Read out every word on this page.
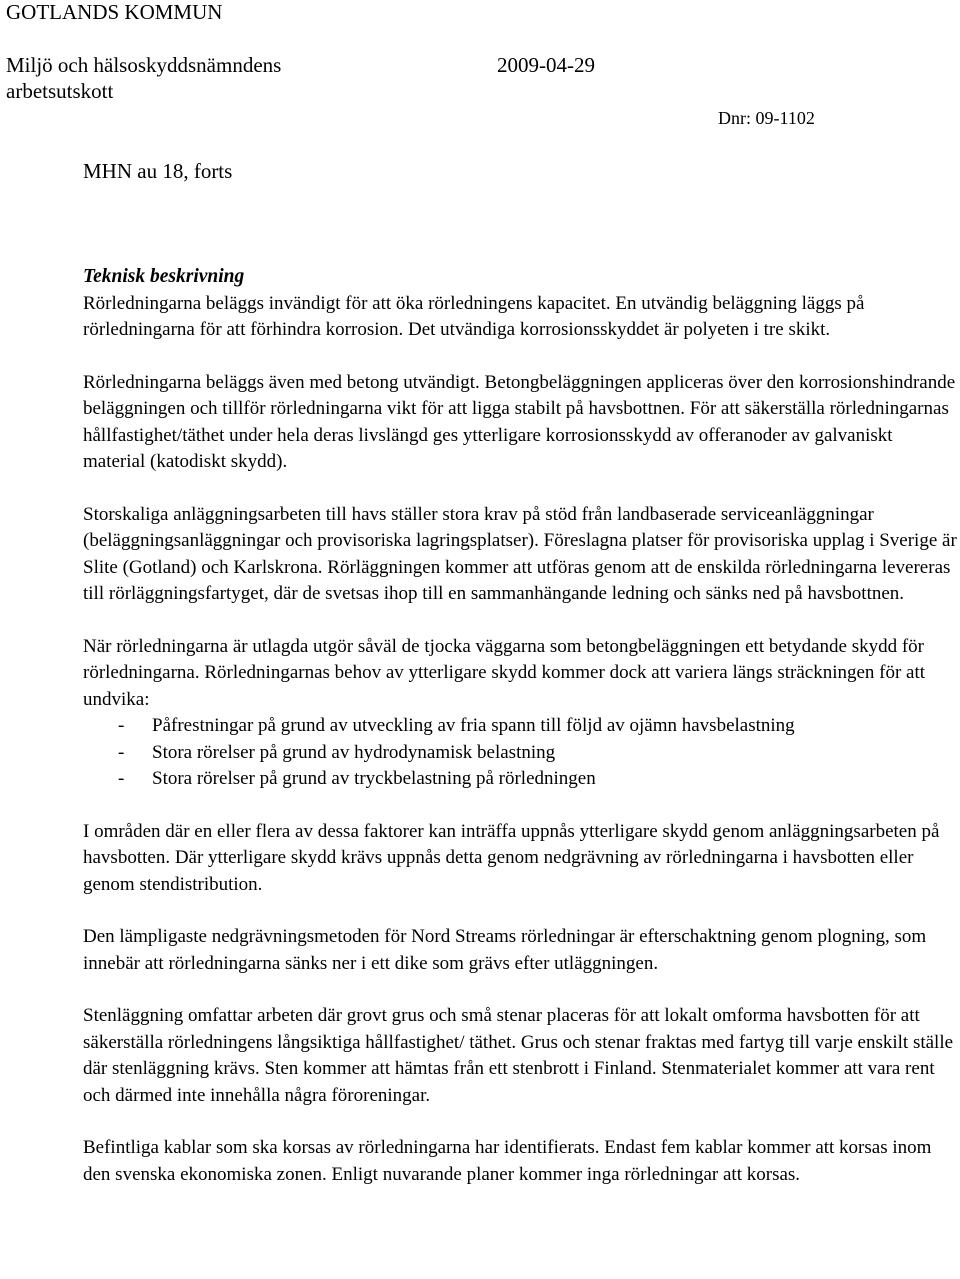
GOTLANDS KOMMUN
Miljö och hälsoskyddsnämndens arbetsutskott
2009-04-29
Dnr: 09-1102
MHN au 18, forts
Teknisk beskrivning

Rörledningarna beläggs invändigt för att öka rörledningens kapacitet. En utvändig beläggning läggs på rörledningarna för att förhindra korrosion. Det utvändiga korrosionsskyddet är polyeten i tre skikt.

Rörledningarna beläggs även med betong utvändigt. Betongbeläggningen appliceras över den korrosionshindrande beläggningen och tillför rörledningarna vikt för att ligga stabilt på havsbottnen. För att säkerställa rörledningarnas hållfastighet/täthet under hela deras livslängd ges ytterligare korrosionsskydd av offeranoder av galvaniskt material (katodiskt skydd).

Storskaliga anläggningsarbeten till havs ställer stora krav på stöd från landbaserade serviceanläggningar (beläggningsanläggningar och provisoriska lagringsplatser). Föreslagna platser för provisoriska upplag i Sverige är Slite (Gotland) och Karlskrona. Rörläggningen kommer att utföras genom att de enskilda rörledningarna levereras till rörläggningsfartyget, där de svetsas ihop till en sammanhängande ledning och sänks ned på havsbottnen.

När rörledningarna är utlagda utgör såväl de tjocka väggarna som betongbeläggningen ett betydande skydd för rörledningarna. Rörledningarnas behov av ytterligare skydd kommer dock att variera längs sträckningen för att undvika:

- Påfrestningar på grund av utveckling av fria spann till följd av ojämn havsbelastning
- Stora rörelser på grund av hydrodynamisk belastning
- Stora rörelser på grund av tryckbelastning på rörledningen

I områden där en eller flera av dessa faktorer kan inträffa uppnås ytterligare skydd genom anläggningsarbeten på havsbotten. Där ytterligare skydd krävs uppnås detta genom nedgrävning av rörledningarna i havsbotten eller genom stendistribution.

Den lämpligaste nedgrävningsmetoden för Nord Streams rörledningar är efterschaktning genom plogning, som innebär att rörledningarna sänks ner i ett dike som grävs efter utläggningen.

Stenläggning omfattar arbeten där grovt grus och små stenar placeras för att lokalt omforma havsbotten för att säkerställa rörledningens långsiktiga hållfastighet/ täthet. Grus och stenar fraktas med fartyg till varje enskilt ställe där stenläggning krävs. Sten kommer att hämtas från ett stenbrott i Finland. Stenmaterialet kommer att vara rent och därmed inte innehålla några föroreningar.

Befintliga kablar som ska korsas av rörledningarna har identifierats. Endast fem kablar kommer att korsas inom den svenska ekonomiska zonen. Enligt nuvarande planer kommer inga rörledningar att korsas.
